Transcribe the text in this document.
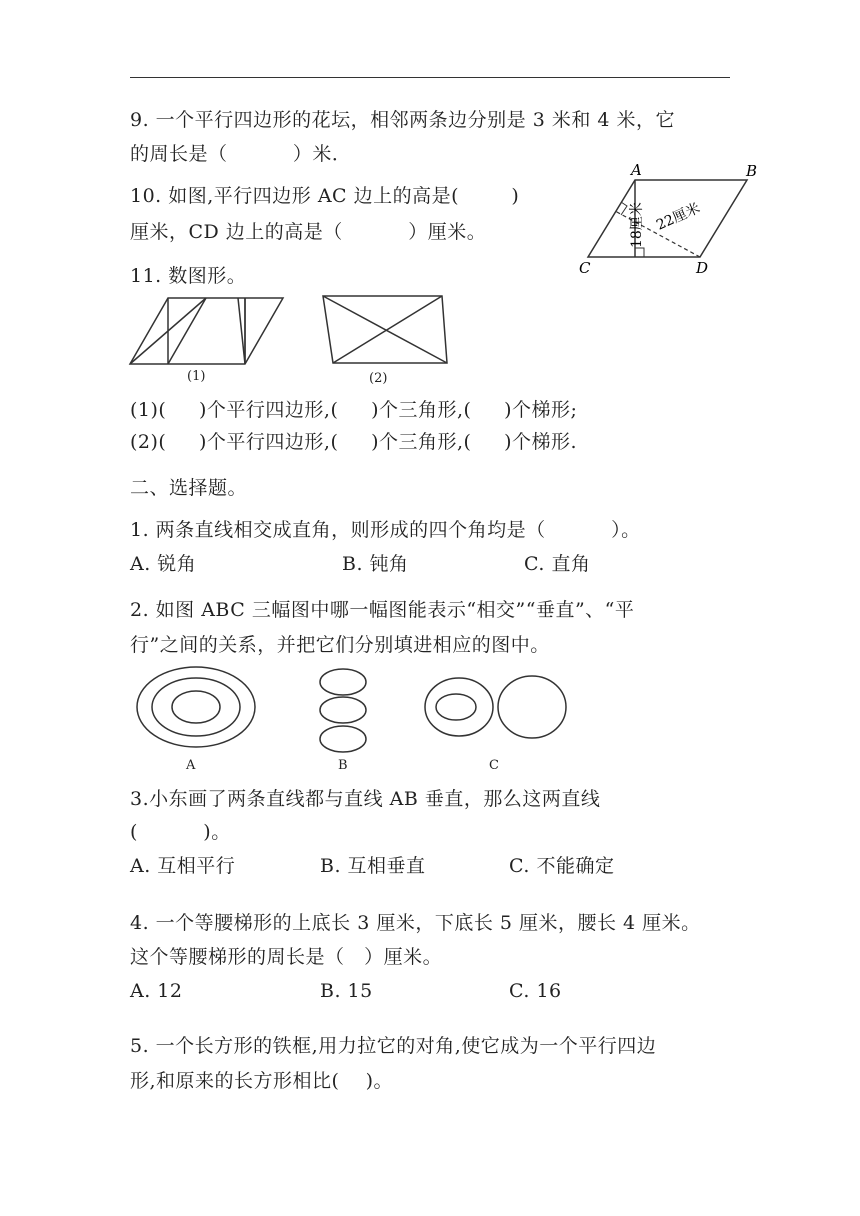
9. 一个平行四边形的花坛，相邻两条边分别是 3 米和 4 米，它
的周长是（          ）米．
10. 如图,平行四边形 AC 边上的高是(        )
厘米，CD 边上的高是（          ）厘米。
A	B
C	D
18厘米 22厘米
11. 数图形。
(1)	(2)
(1)(     )个平行四边形,(     )个三角形,(     )个梯形;
(2)(     )个平行四边形,(     )个三角形,(     )个梯形.
二、选择题。
1. 两条直线相交成直角，则形成的四个角均是（          ）。
A. 锐角	B. 钝角	C. 直角
2. 如图 ABC 三幅图中哪一幅图能表示“相交”“垂直”、“平
行”之间的关系，并把它们分别填进相应的图中。
A	B	C
3.小东画了两条直线都与直线 AB 垂直，那么这两直线
(          )。
A. 互相平行	B. 互相垂直	C. 不能确定
4. 一个等腰梯形的上底长 3 厘米，下底长 5 厘米，腰长 4 厘米。
这个等腰梯形的周长是（   ）厘米。
A. 12	B. 15	C. 16
5. 一个长方形的铁框,用力拉它的对角,使它成为一个平行四边
形,和原来的长方形相比(    )。
